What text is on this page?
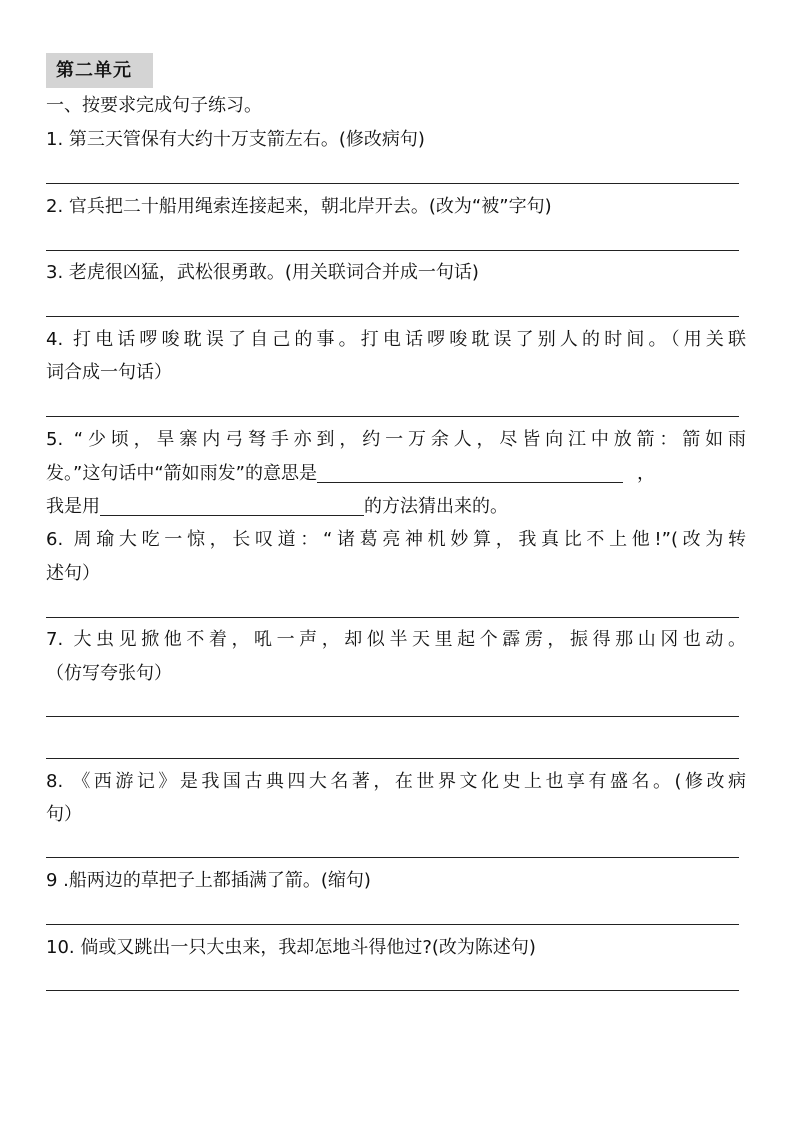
第二单元
一、按要求完成句子练习。
1. 第三天管保有大约十万支箭左右。(修改病句)
2. 官兵把二十船用绳索连接起来，朝北岸开去。(改为“被”字句)
3. 老虎很凶猛，武松很勇敢。(用关联词合并成一句话)
4. 打电话啰唆耽误了自己的事。打电话啰唆耽误了别人的时间。（用关联
词合成一句话）
5. “少顷，旱寨内弓弩手亦到，约一万余人，尽皆向江中放箭：箭如雨
发。”这句话中“箭如雨发”的意思是	，
我是用	的方法猜出来的。
6. 周瑜大吃一惊，长叹道：“诸葛亮神机妙算，我真比不上他!”(改为转
述句）
7. 大虫见掀他不着，吼一声，却似半天里起个霹雳，振得那山冈也动。
（仿写夸张句）
8. 《西游记》是我国古典四大名著，在世界文化史上也享有盛名。(修改病
句）
9 .船两边的草把子上都插满了箭。(缩句)
10. 倘或又跳出一只大虫来，我却怎地斗得他过?(改为陈述句)
